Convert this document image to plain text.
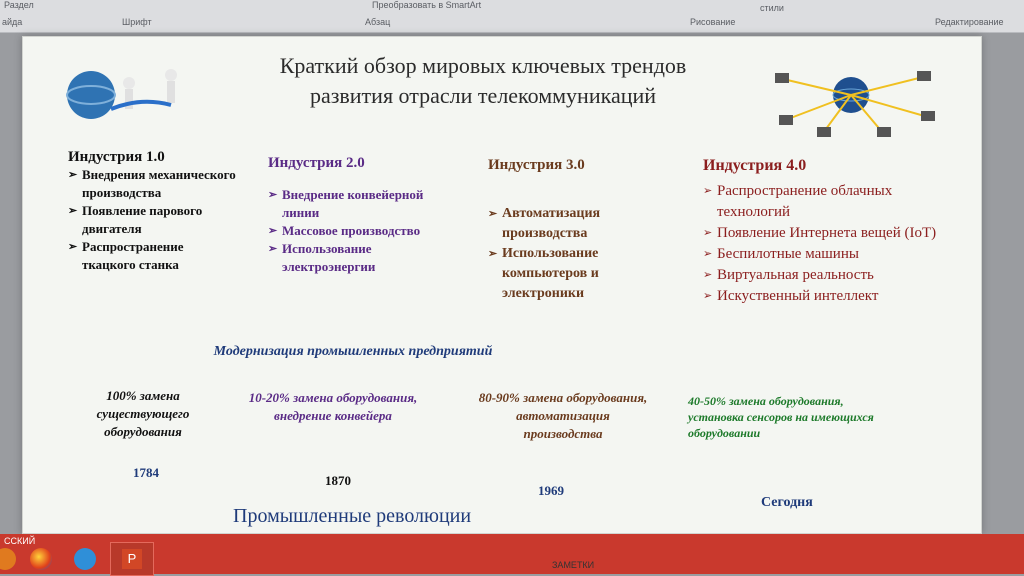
Раздел
айда	Шрифт	Абзац
Преобразовать в SmartArt
Рисование
стили
Редактирование
Краткий обзор мировых ключевых трендов развития отрасли телекоммуникаций
Индустрия 1.0
➢ Внедрения механического производства
➢ Появление парового двигателя
➢ Распространение ткацкого станка
Индустрия 2.0
➢ Внедрение конвейерной линии
➢ Массовое производство
➢ Использование электроэнергии
Индустрия 3.0
➢ Автоматизация производства
➢ Использование компьютеров и электроники
Индустрия 4.0
➢ Распространение облачных технологий
➢ Появление Интернета вещей (IoT)
➢ Беспилотные машины
➢ Виртуальная реальность
➢ Искуственный интеллект
Модернизация промышленных предприятий
100% замена существующего оборудования
10-20% замена оборудования, внедрение конвейера
80-90% замена оборудования, автоматизация производства
40-50% замена оборудования, установка сенсоров на имеющихся оборудовании
1784
1870
1969
Сегодня
Промышленные революции
ССКИЙ
P	ЗАМЕТКИ
